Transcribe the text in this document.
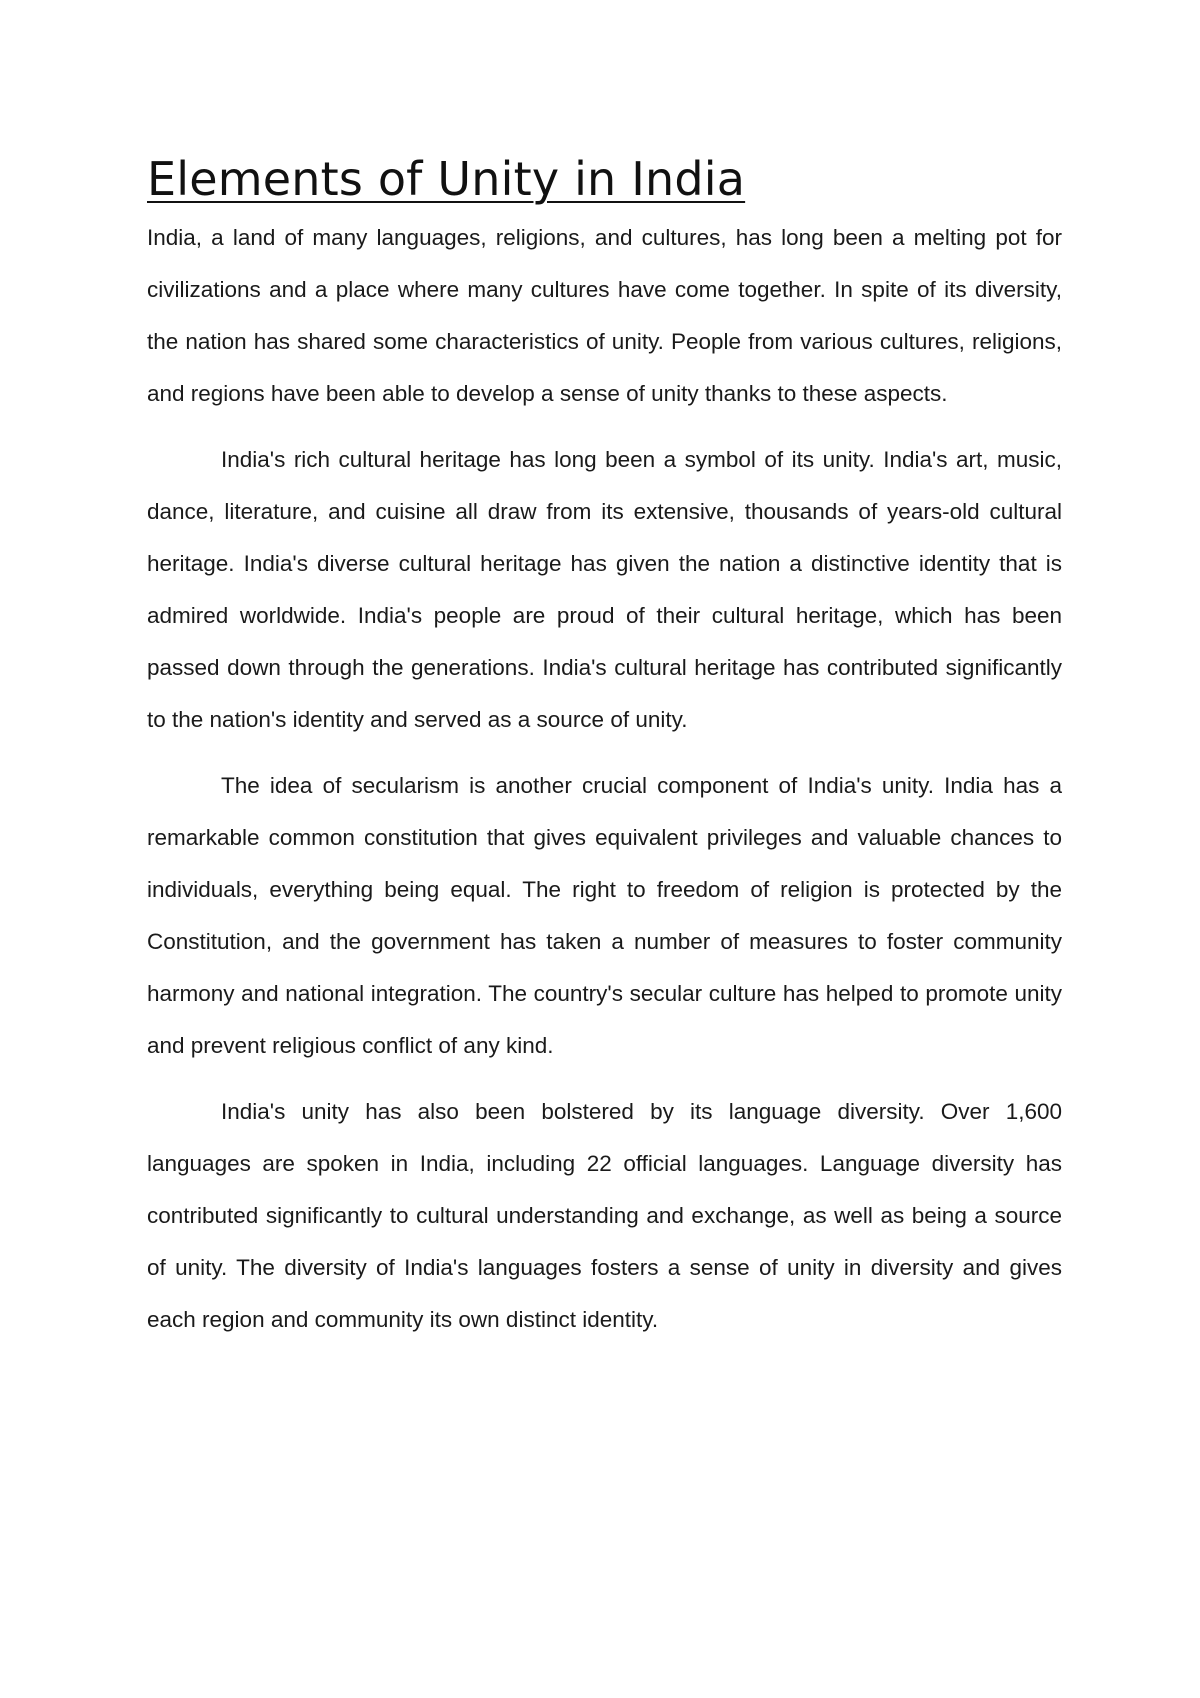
Elements of Unity in India

India, a land of many languages, religions, and cultures, has long been a melting pot for civilizations and a place where many cultures have come together. In spite of its diversity, the nation has shared some characteristics of unity. People from various cultures, religions, and regions have been able to develop a sense of unity thanks to these aspects.

India's rich cultural heritage has long been a symbol of its unity. India's art, music, dance, literature, and cuisine all draw from its extensive, thousands of years-old cultural heritage. India's diverse cultural heritage has given the nation a distinctive identity that is admired worldwide. India's people are proud of their cultural heritage, which has been passed down through the generations. India's cultural heritage has contributed significantly to the nation's identity and served as a source of unity.

The idea of secularism is another crucial component of India's unity. India has a remarkable common constitution that gives equivalent privileges and valuable chances to individuals, everything being equal. The right to freedom of religion is protected by the Constitution, and the government has taken a number of measures to foster community harmony and national integration. The country's secular culture has helped to promote unity and prevent religious conflict of any kind.

India's unity has also been bolstered by its language diversity. Over 1,600 languages are spoken in India, including 22 official languages. Language diversity has contributed significantly to cultural understanding and exchange, as well as being a source of unity. The diversity of India's languages fosters a sense of unity in diversity and gives each region and community its own distinct identity.
